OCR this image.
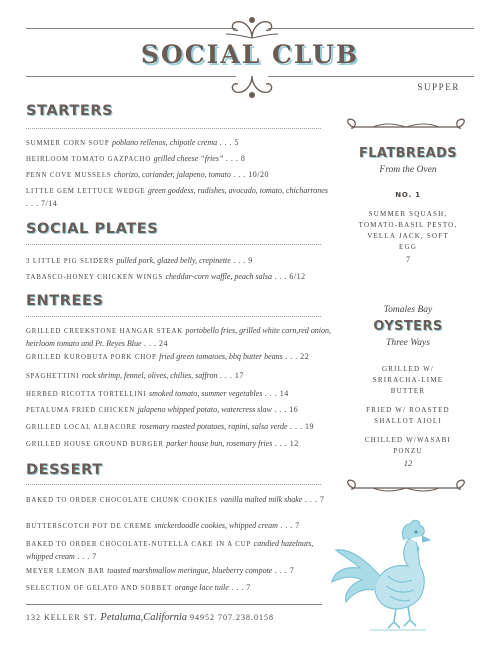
SOCIAL CLUB
SUPPER
STARTERS
SUMMER CORN SOUP poblano rellenos, chipotle crema . . . 5
HEIRLOOM TOMATO GAZPACHO grilled cheese “fries” . . . 8
PENN COVE MUSSELS chorizo, coriander, jalapeno, tomato . . . 10/20
LITTLE GEM LETTUCE WEDGE green goddess, radishes, avocado, tomato, chicharrones . . . 7/14
SOCIAL PLATES
3 LITTLE PIG SLIDERS pulled pork, glazed belly, crepinette . . . 9
TABASCO-HONEY CHICKEN WINGS cheddar-corn waffle, peach salsa . . . 6/12
ENTREES
GRILLED CREEKSTONE HANGAR STEAK portobello fries, grilled white corn,red onion, heirloom tomato and Pt. Reyes Blue . . . 24
GRILLED KUROBUTA PORK CHOP fried green tomatoes, bbq butter beans . . . 22
SPAGHETTINI rock shrimp, fennel, olives, chilies, saffron . . . 17
HERBED RICOTTA TORTELLINI smoked tomato, summer vegetables . . . 14
PETALUMA FRIED CHICKEN jalapeno whipped potato, watercress slaw . . . 16
GRILLED LOCAL ALBACORE rosemary roasted potatoes, rapini, salsa verde . . . 19
GRILLED HOUSE GROUND BURGER parker house bun, rosemary fries . . . 12
DESSERT
BAKED TO ORDER CHOCOLATE CHUNK COOKIES vanilla malted milk shake . . . 7
BUTTERSCOTCH POT DE CREME snickerdoodle cookies, whipped cream . . . 7
BAKED TO ORDER CHOCOLATE-NUTELLA CAKE IN A CUP candied hazelnuts, whipped cream . . . 7
MEYER LEMON BAR toasted marshmallow meringue, blueberry compote . . . 7
SELECTION OF GELATO AND SORBET orange lace tuile . . . 7
132 KELLER ST. Petaluma,California 94952 707.238.0158
FLATBREADS
From the Oven
NO. 1
SUMMER SQUASH, TOMATO-BASIL PESTO, VELLA JACK, SOFT EGG
7
Tomales Bay
OYSTERS
Three Ways
GRILLED W/ SRIRACHA-LIME BUTTER
FRIED W/ ROASTED SHALLOT AIOLI
CHILLED W/WASABI PONZU
12
